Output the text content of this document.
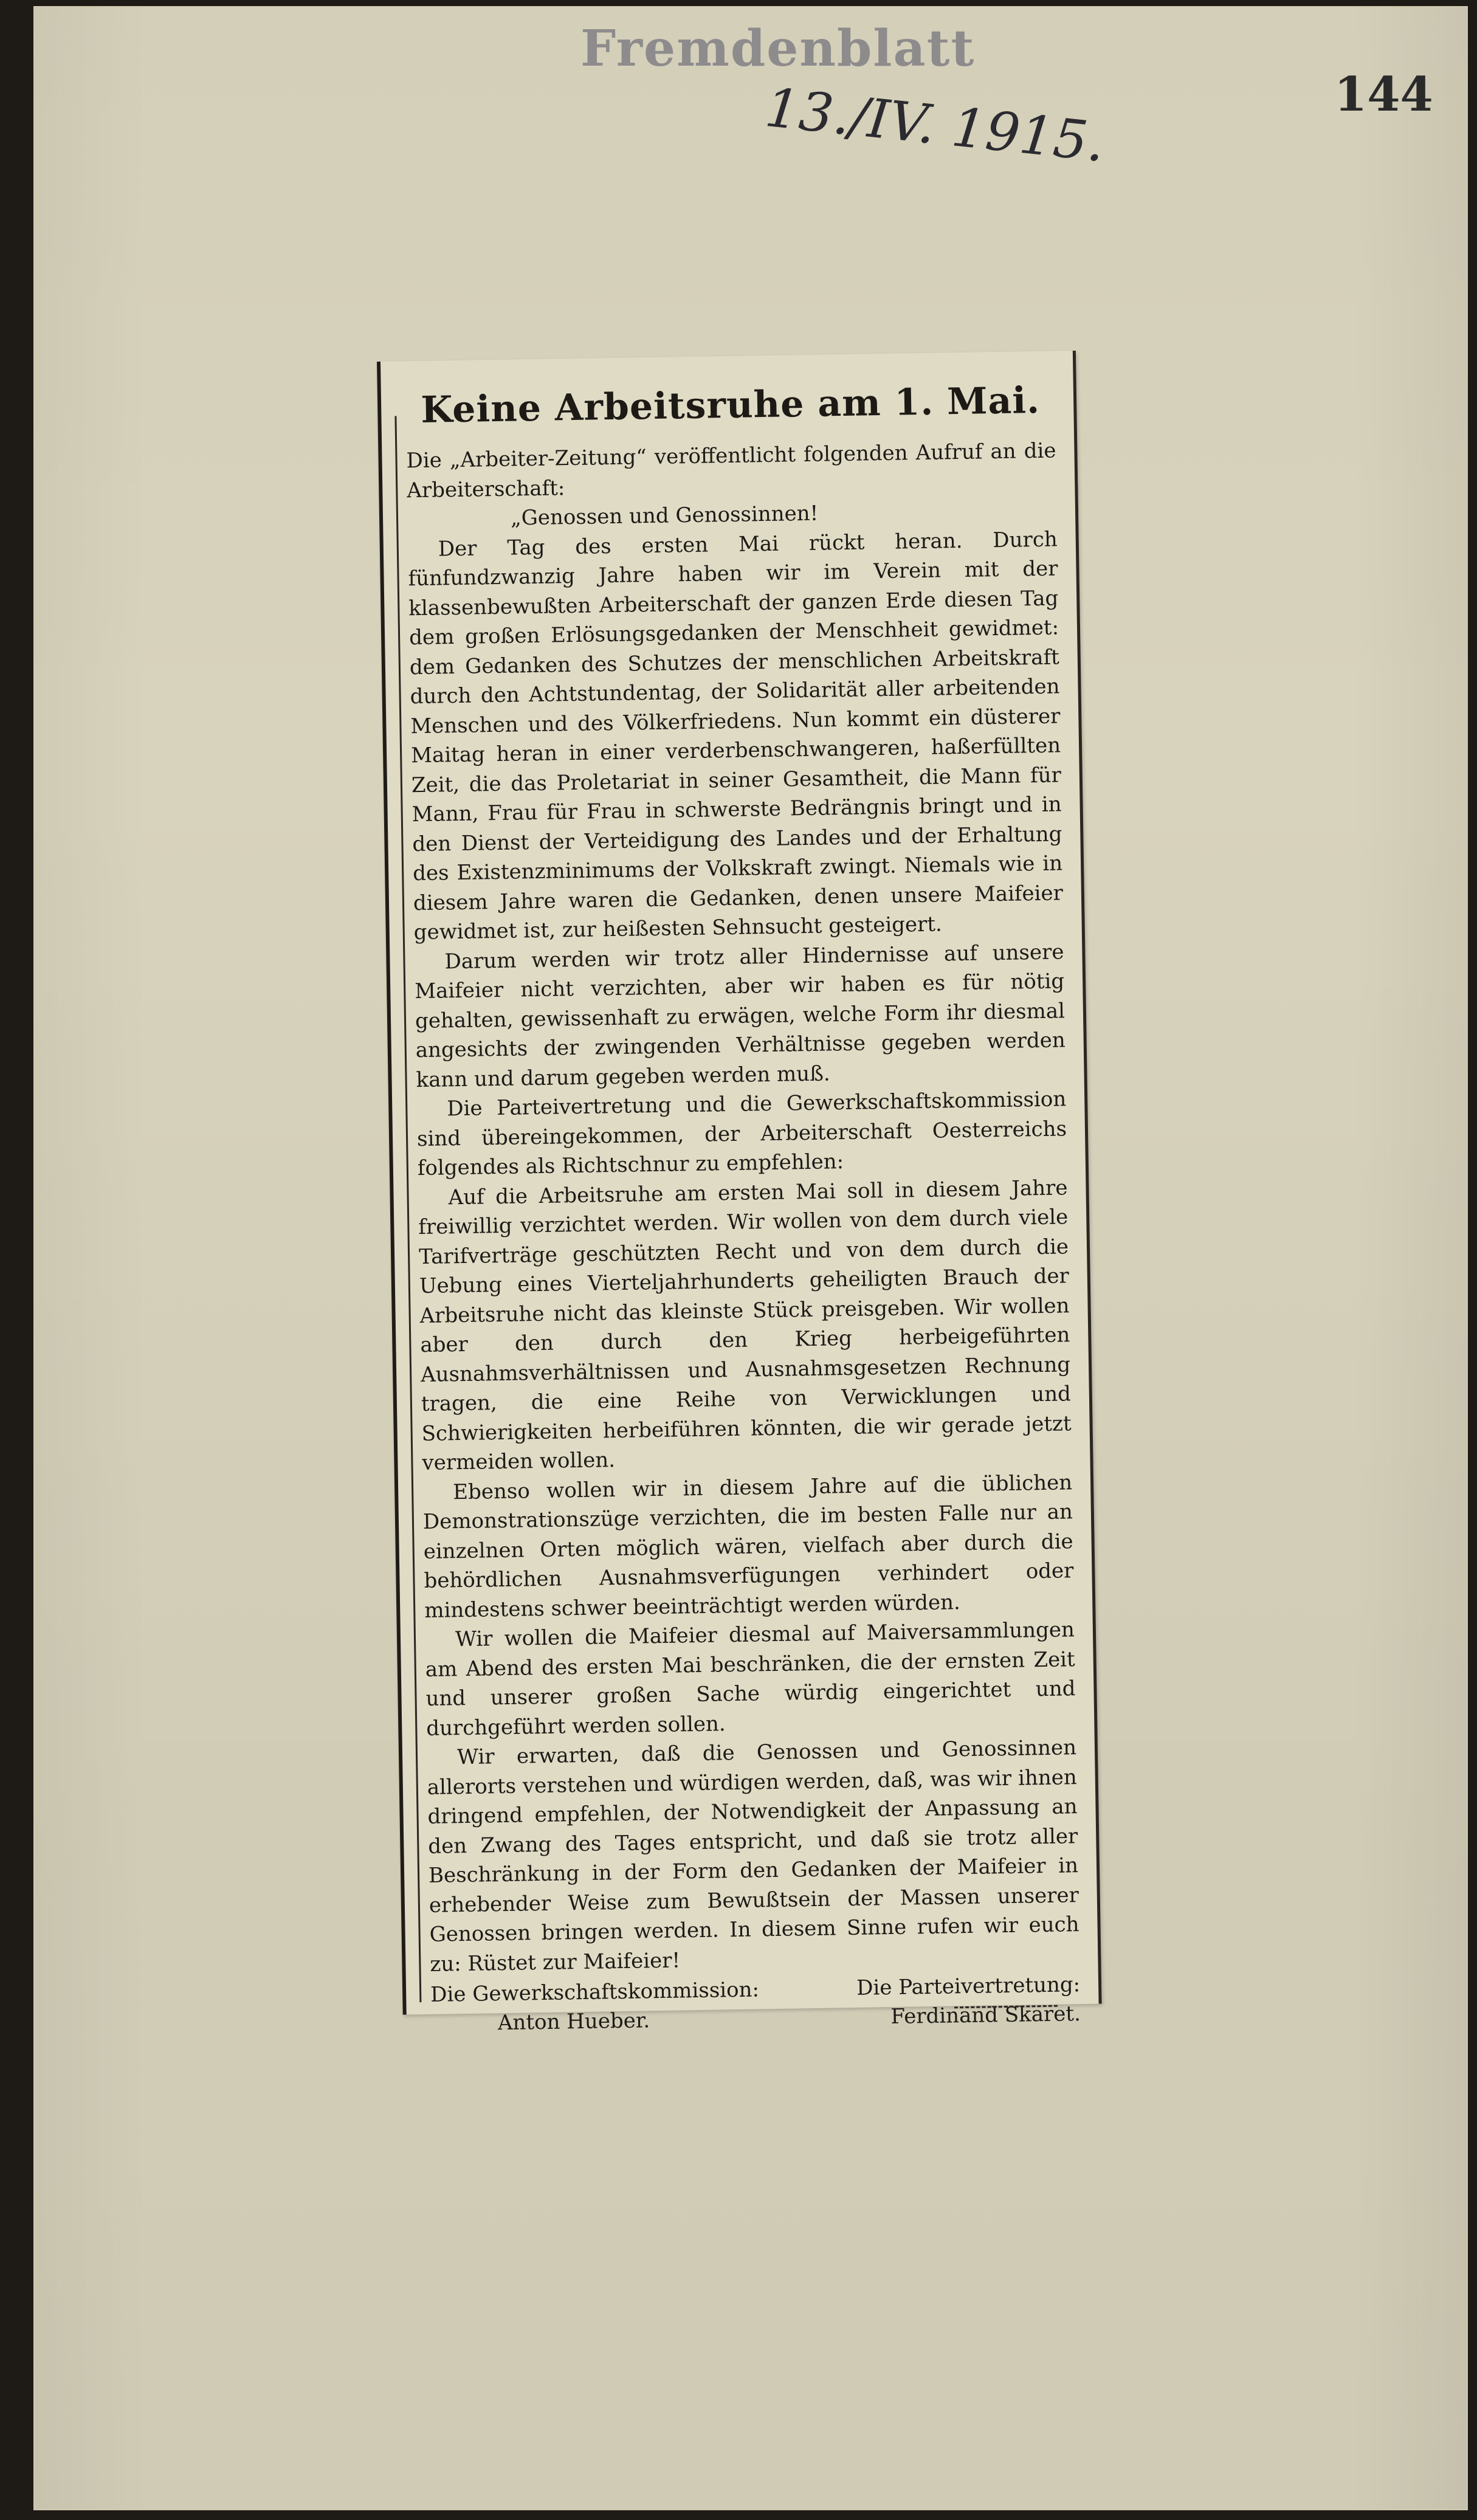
Fremdenblatt
13./IV. 1915.	144
Keine Arbeitsruhe am 1. Mai.

Die „Arbeiter-Zeitung“ veröffentlicht folgenden Aufruf an die Arbeiterschaft:

„Genossen und Genossinnen!

Der Tag des ersten Mai rückt heran. Durch fünfundzwanzig Jahre haben wir im Verein mit der klassenbewußten Arbeiterschaft der ganzen Erde diesen Tag dem großen Erlösungsgedanken der Menschheit gewidmet: dem Gedanken des Schutzes der menschlichen Arbeitskraft durch den Achtstundentag, der Solidarität aller arbeitenden Menschen und des Völkerfriedens. Nun kommt ein düsterer Maitag heran in einer verderbenschwangeren, haßerfüllten Zeit, die das Proletariat in seiner Gesamtheit, die Mann für Mann, Frau für Frau in schwerste Bedrängnis bringt und in den Dienst der Verteidigung des Landes und der Erhaltung des Existenzminimums der Volkskraft zwingt. Niemals wie in diesem Jahre waren die Gedanken, denen unsere Maifeier gewidmet ist, zur heißesten Sehnsucht gesteigert.

Darum werden wir trotz aller Hindernisse auf unsere Maifeier nicht verzichten, aber wir haben es für nötig gehalten, gewissenhaft zu erwägen, welche Form ihr diesmal angesichts der zwingenden Verhältnisse gegeben werden kann und darum gegeben werden muß.

Die Parteivertretung und die Gewerkschaftskommission sind übereingekommen, der Arbeiterschaft Oesterreichs folgendes als Richtschnur zu empfehlen:

Auf die Arbeitsruhe am ersten Mai soll in diesem Jahre freiwillig verzichtet werden. Wir wollen von dem durch viele Tarifverträge geschützten Recht und von dem durch die Uebung eines Vierteljahrhunderts geheiligten Brauch der Arbeitsruhe nicht das kleinste Stück preisgeben. Wir wollen aber den durch den Krieg herbeigeführten Ausnahmsverhältnissen und Ausnahmsgesetzen Rechnung tragen, die eine Reihe von Verwicklungen und Schwierigkeiten herbeiführen könnten, die wir gerade jetzt vermeiden wollen.

Ebenso wollen wir in diesem Jahre auf die üblichen Demonstrationszüge verzichten, die im besten Falle nur an einzelnen Orten möglich wären, vielfach aber durch die behördlichen Ausnahmsverfügungen verhindert oder mindestens schwer beeinträchtigt werden würden.

Wir wollen die Maifeier diesmal auf Maiversammlungen am Abend des ersten Mai beschränken, die der ernsten Zeit und unserer großen Sache würdig eingerichtet und durchgeführt werden sollen.

Wir erwarten, daß die Genossen und Genossinnen allerorts verstehen und würdigen werden, daß, was wir ihnen dringend empfehlen, der Notwendigkeit der Anpassung an den Zwang des Tages entspricht, und daß sie trotz aller Beschränkung in der Form den Gedanken der Maifeier in erhebender Weise zum Bewußtsein der Massen unserer Genossen bringen werden. In diesem Sinne rufen wir euch zu: Rüstet zur Maifeier!

Die Gewerkschaftskommission:
Anton Hueber.
Die Parteivertretung:
Ferdinand Skaret.
